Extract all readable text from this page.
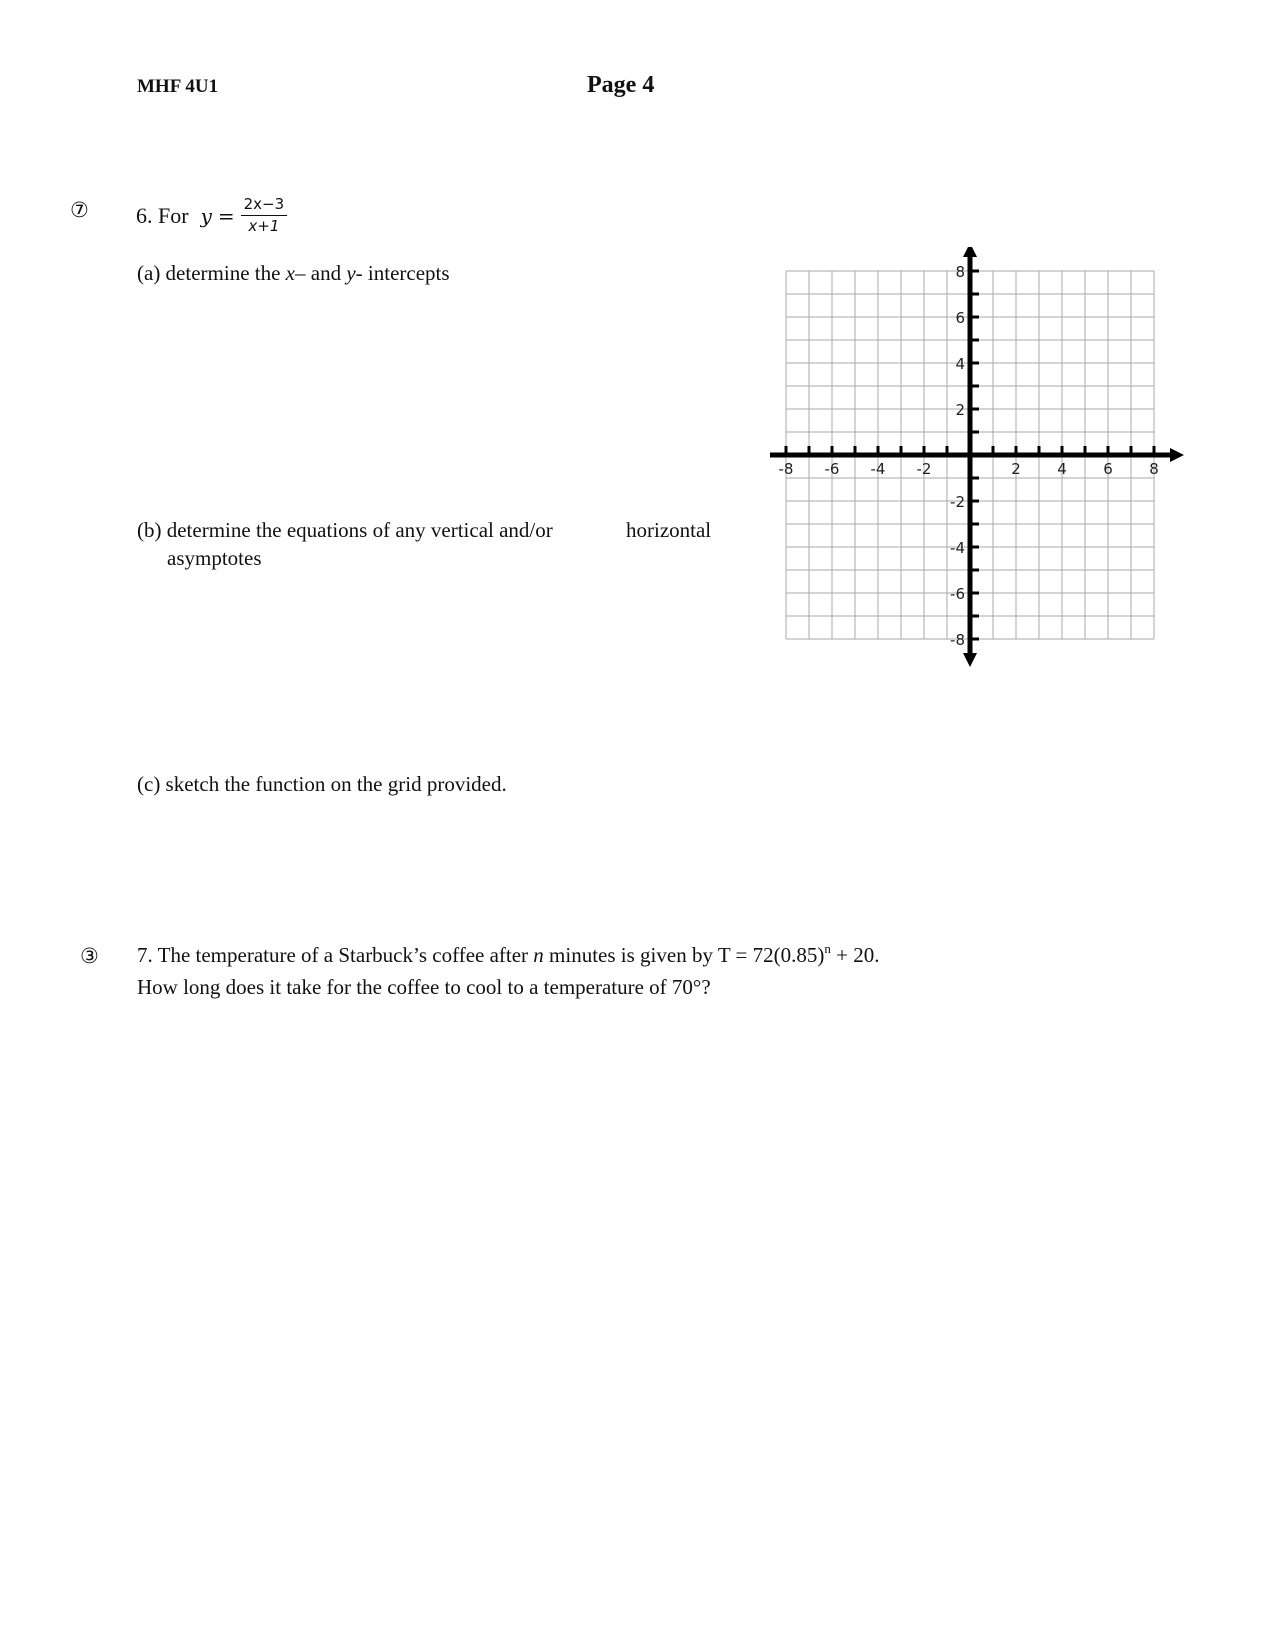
MHF 4U1	Page 4
⑦ 6. For $y = \frac{2x-3}{x+1}$
(a) determine the x– and y- intercepts
(b) determine the equations of any vertical and/or	horizontal
asymptotes
(c) sketch the function on the grid provided.
-8 -6 -4 -2	2 4 6 8
8
6
4
2
-2
-4
-6
-8
③ 7. The temperature of a Starbuck’s coffee after n minutes is given by $T = 72(0.85)^n + 20$.
How long does it take for the coffee to cool to a temperature of 70°?
